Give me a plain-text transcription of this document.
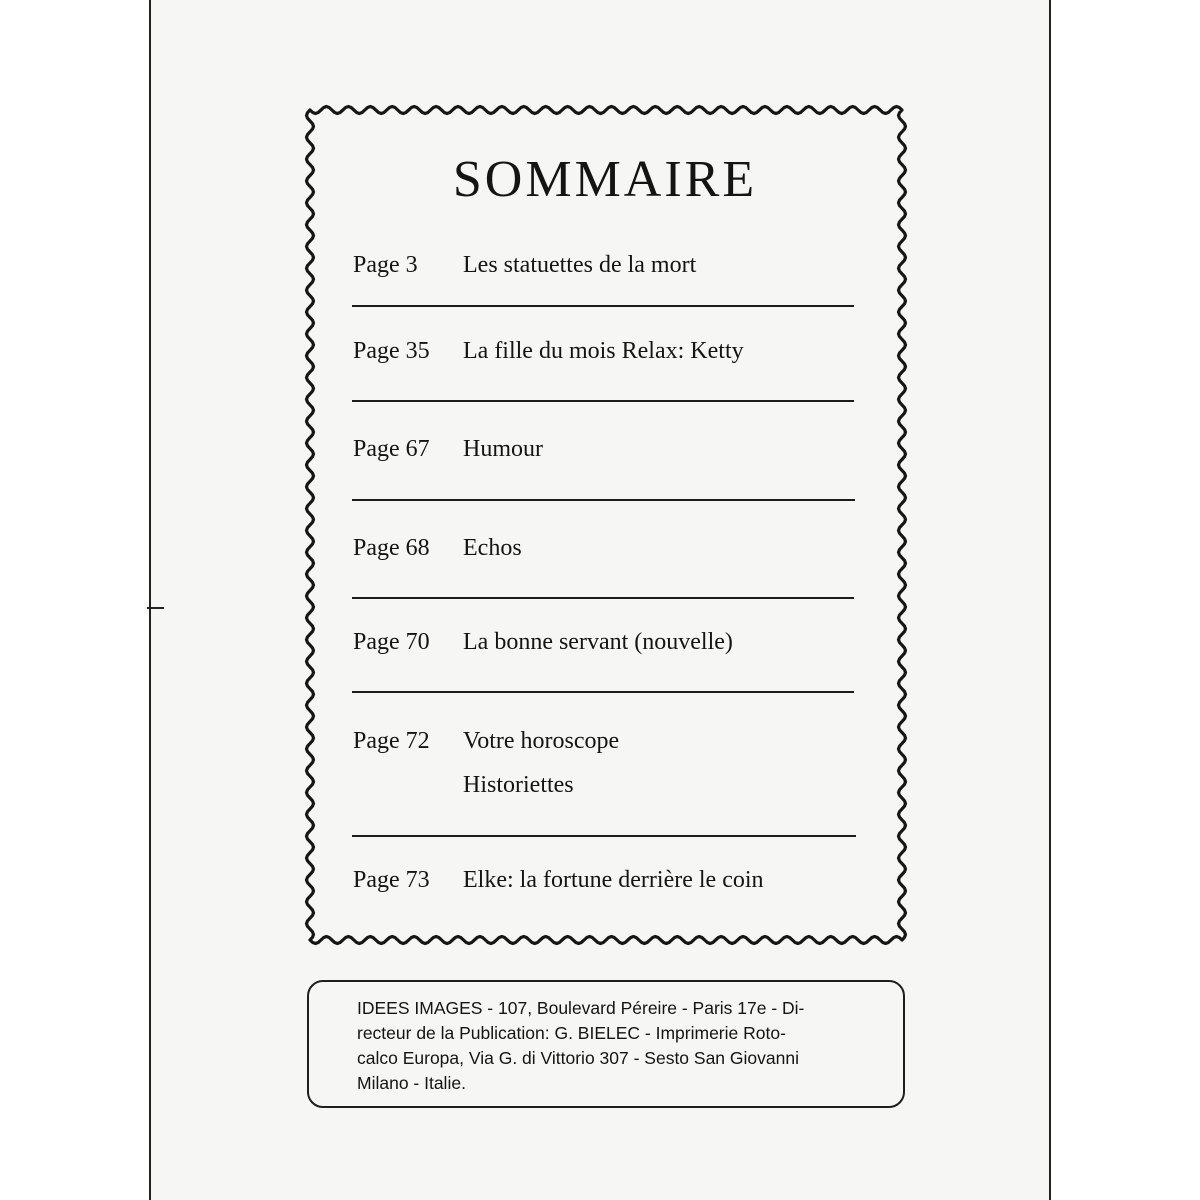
SOMMAIRE
Page 3 Les statuettes de la mort
Page 35 La fille du mois Relax: Ketty
Page 67 Humour
Page 68 Echos
Page 70 La bonne servant (nouvelle)
Page 72 Votre horoscope
Historiettes
Page 73 Elke: la fortune derrière le coin
IDEES IMAGES - 107, Boulevard Péreire - Paris 17e - Di-
recteur de la Publication: G. BIELEC - Imprimerie Roto-
calco Europa, Via G. di Vittorio 307 - Sesto San Giovanni
Milano - Italie.
